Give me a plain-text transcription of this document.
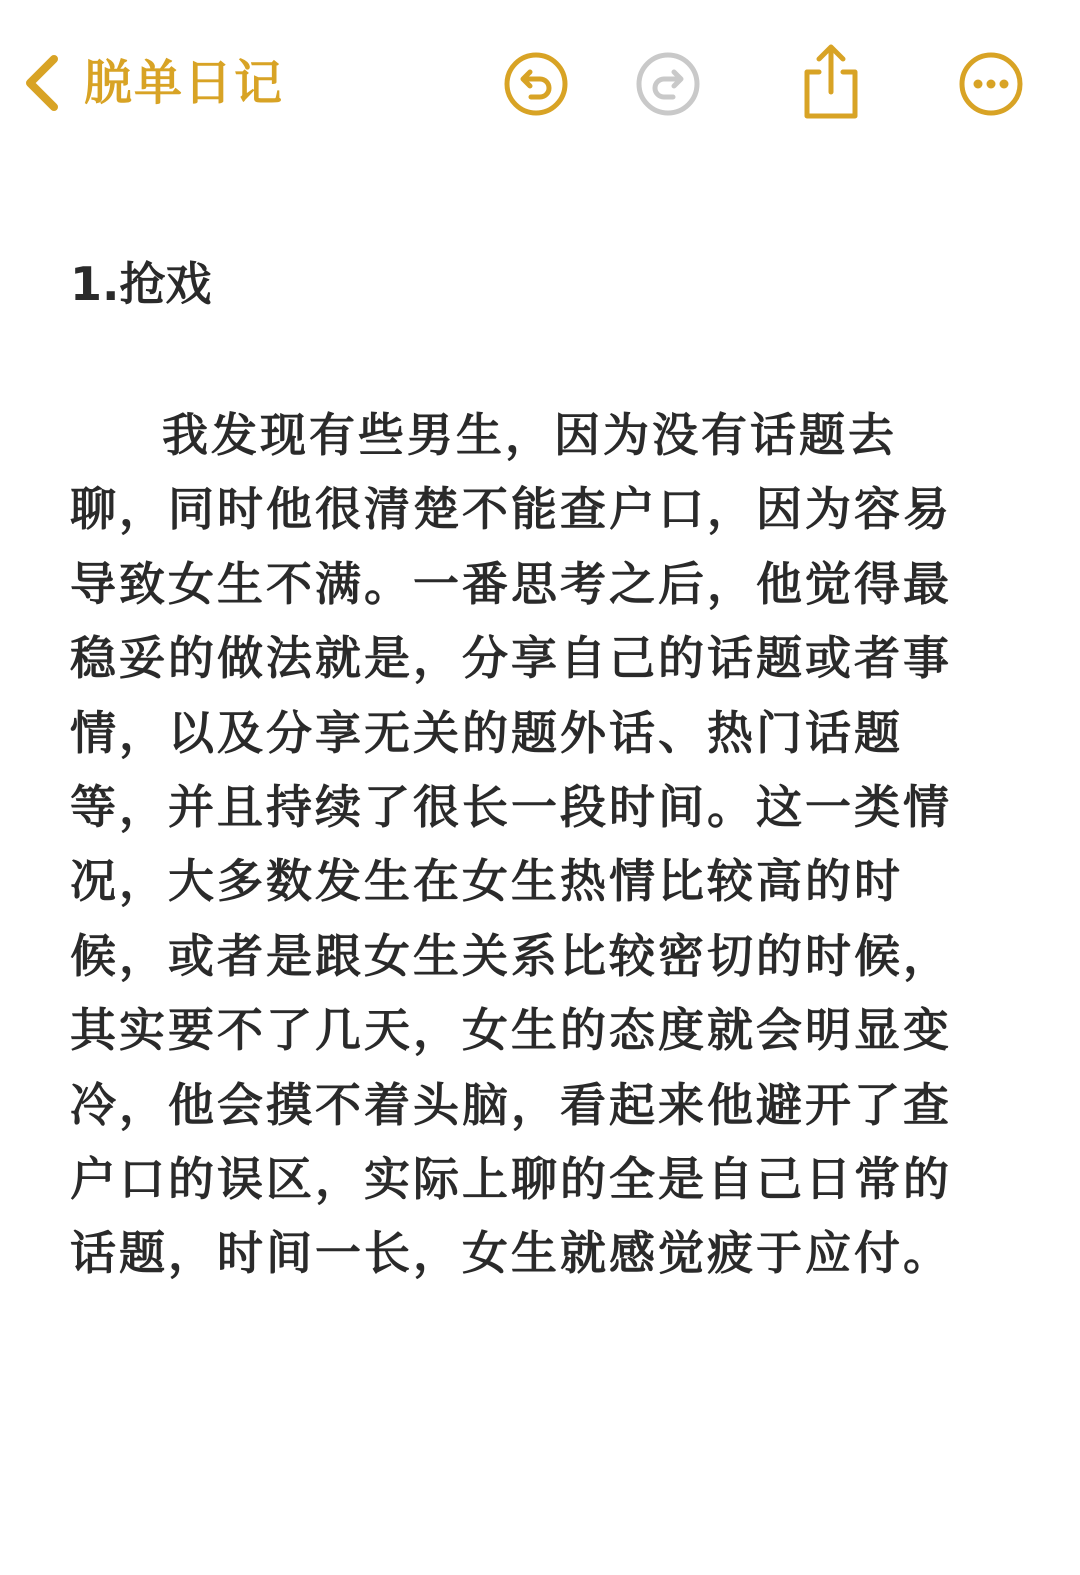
脱单日记
1.抢戏
我发现有些男生，因为没有话题去
聊，同时他很清楚不能查户口，因为容易
导致女生不满。一番思考之后，他觉得最
稳妥的做法就是，分享自己的话题或者事
情，以及分享无关的题外话、热门话题
等，并且持续了很长一段时间。这一类情
况，大多数发生在女生热情比较高的时
候，或者是跟女生关系比较密切的时候，
其实要不了几天，女生的态度就会明显变
冷，他会摸不着头脑，看起来他避开了查
户口的误区，实际上聊的全是自己日常的
话题，时间一长，女生就感觉疲于应付。
